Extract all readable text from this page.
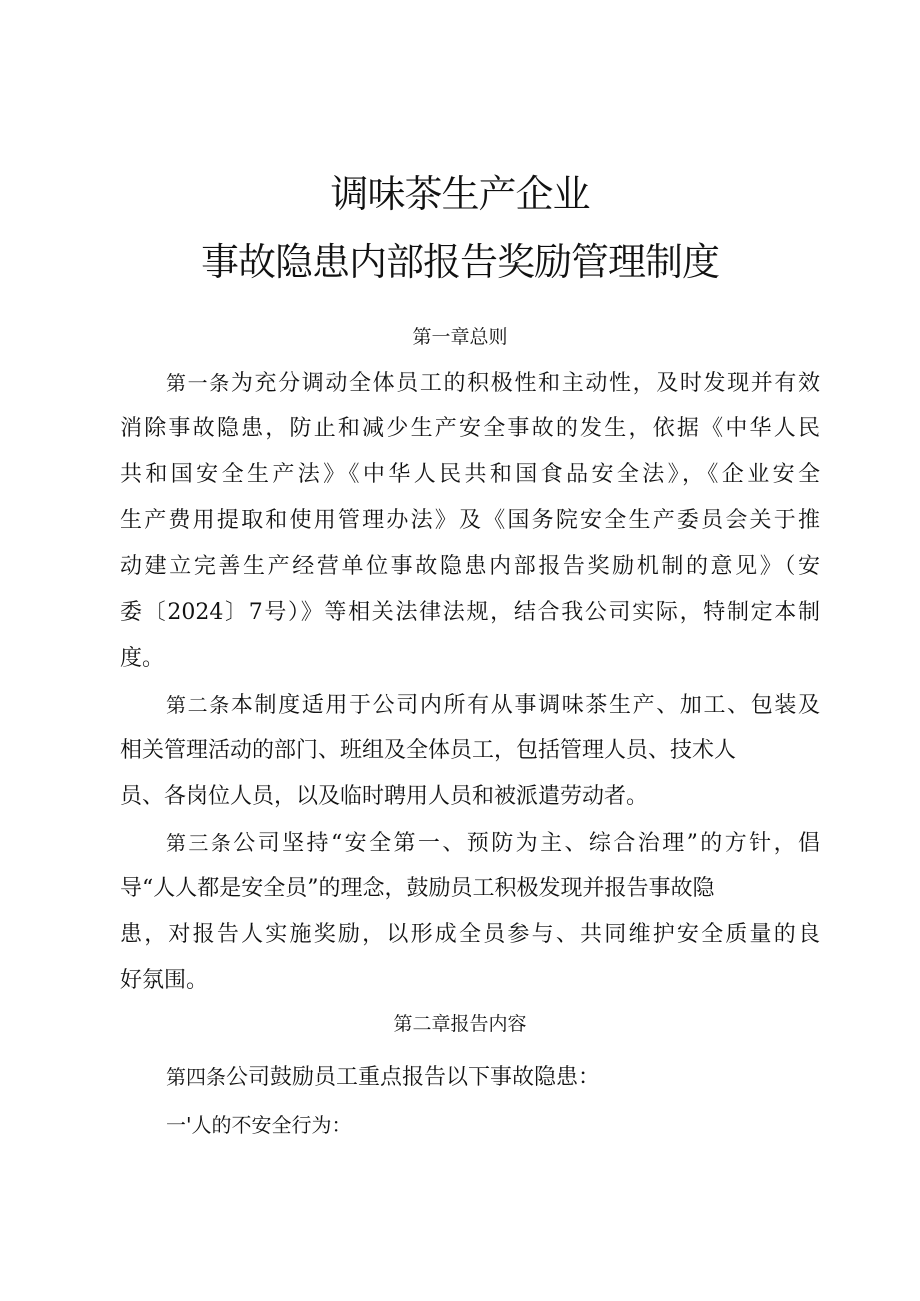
调味茶生产企业
事故隐患内部报告奖励管理制度
第一章总则
第一条为充分调动全体员工的积极性和主动性，及时发现并有效
消除事故隐患，防止和减少生产安全事故的发生，依据《中华人民
共和国安全生产法》《中华人民共和国食品安全法》，《企业安全
生产费用提取和使用管理办法》及《国务院安全生产委员会关于推
动建立完善生产经营单位事故隐患内部报告奖励机制的意见》（安
委〔2024〕7号）》等相关法律法规，结合我公司实际，特制定本制
度。
第二条本制度适用于公司内所有从事调味茶生产、加工、包装及
相关管理活动的部门、班组及全体员工，包括管理人员、技术人
员、各岗位人员，以及临时聘用人员和被派遣劳动者。
第三条公司坚持“安全第一、预防为主、综合治理”的方针，倡
导“人人都是安全员”的理念，鼓励员工积极发现并报告事故隐
患，对报告人实施奖励，以形成全员参与、共同维护安全质量的良
好氛围。
第二章报告内容
第四条公司鼓励员工重点报告以下事故隐患：
一'人的不安全行为：
